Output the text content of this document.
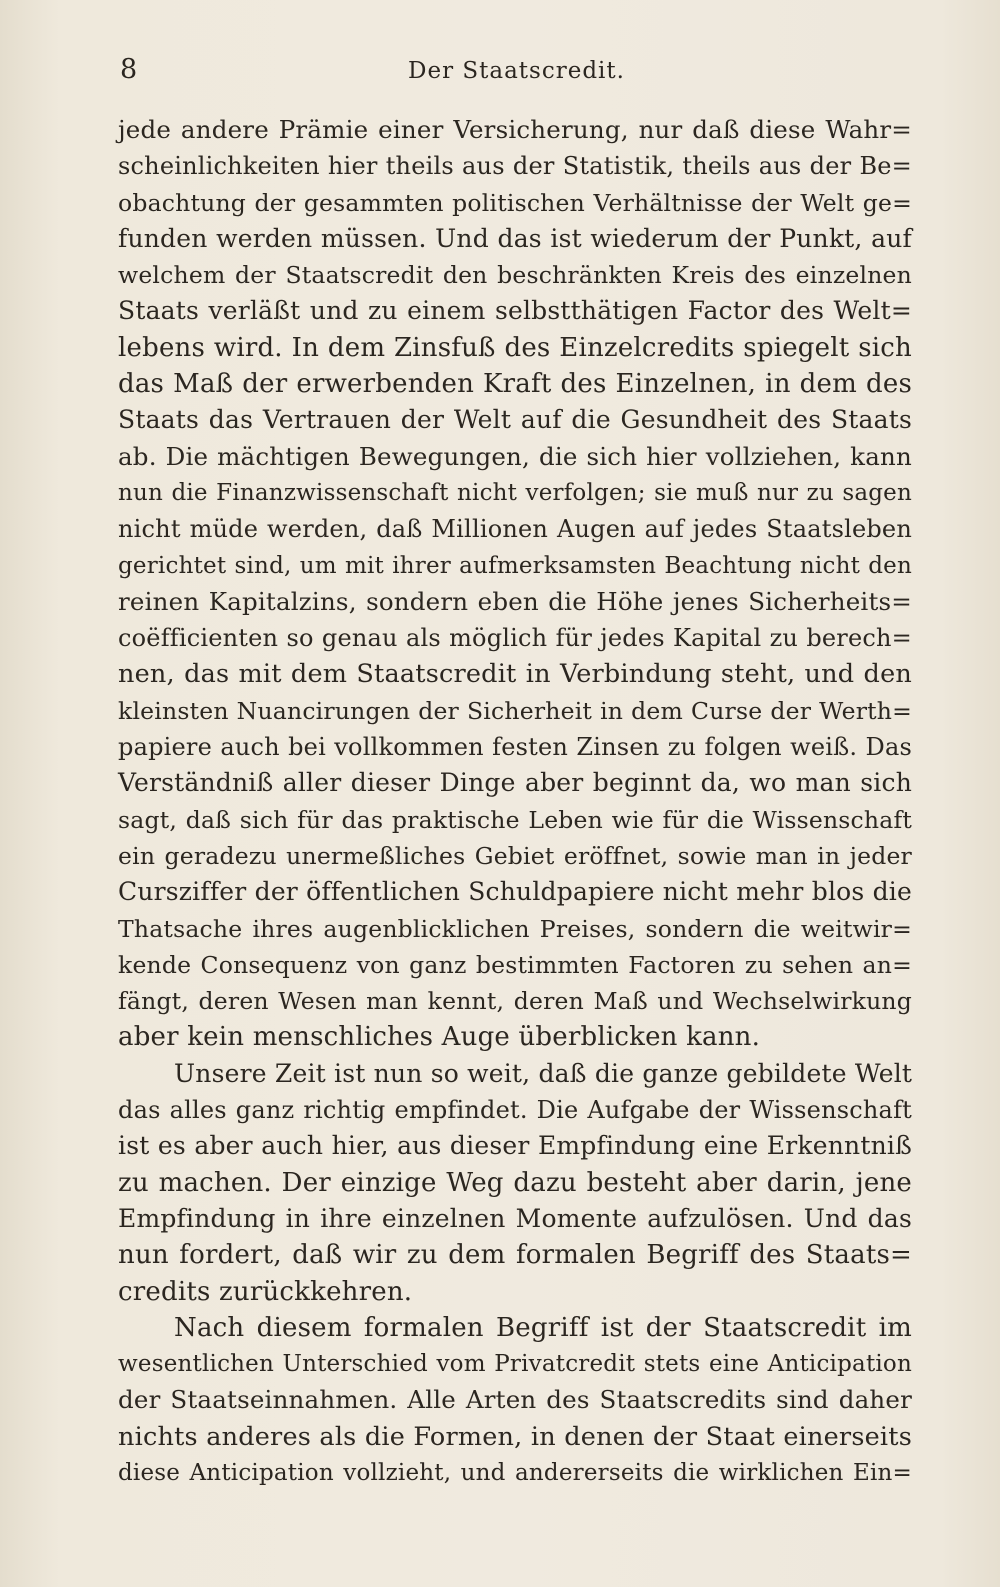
8	Der Staatscredit.
jede andere Prämie einer Versicherung, nur daß diese Wahr=
scheinlichkeiten hier theils aus der Statistik, theils aus der Be=
obachtung der gesammten politischen Verhältnisse der Welt ge=
funden werden müssen. Und das ist wiederum der Punkt, auf
welchem der Staatscredit den beschränkten Kreis des einzelnen
Staats verläßt und zu einem selbstthätigen Factor des Welt=
lebens wird. In dem Zinsfuß des Einzelcredits spiegelt sich
das Maß der erwerbenden Kraft des Einzelnen, in dem des
Staats das Vertrauen der Welt auf die Gesundheit des Staats
ab. Die mächtigen Bewegungen, die sich hier vollziehen, kann
nun die Finanzwissenschaft nicht verfolgen; sie muß nur zu sagen
nicht müde werden, daß Millionen Augen auf jedes Staatsleben
gerichtet sind, um mit ihrer aufmerksamsten Beachtung nicht den
reinen Kapitalzins, sondern eben die Höhe jenes Sicherheits=
coëfficienten so genau als möglich für jedes Kapital zu berech=
nen, das mit dem Staatscredit in Verbindung steht, und den
kleinsten Nuancirungen der Sicherheit in dem Curse der Werth=
papiere auch bei vollkommen festen Zinsen zu folgen weiß. Das
Verständniß aller dieser Dinge aber beginnt da, wo man sich
sagt, daß sich für das praktische Leben wie für die Wissenschaft
ein geradezu unermeßliches Gebiet eröffnet, sowie man in jeder
Cursziffer der öffentlichen Schuldpapiere nicht mehr blos die
Thatsache ihres augenblicklichen Preises, sondern die weitwir=
kende Consequenz von ganz bestimmten Factoren zu sehen an=
fängt, deren Wesen man kennt, deren Maß und Wechselwirkung
aber kein menschliches Auge überblicken kann.
Unsere Zeit ist nun so weit, daß die ganze gebildete Welt
das alles ganz richtig empfindet. Die Aufgabe der Wissenschaft
ist es aber auch hier, aus dieser Empfindung eine Erkenntniß
zu machen. Der einzige Weg dazu besteht aber darin, jene
Empfindung in ihre einzelnen Momente aufzulösen. Und das
nun fordert, daß wir zu dem formalen Begriff des Staats=
credits zurückkehren.
Nach diesem formalen Begriff ist der Staatscredit im
wesentlichen Unterschied vom Privatcredit stets eine Anticipation
der Staatseinnahmen. Alle Arten des Staatscredits sind daher
nichts anderes als die Formen, in denen der Staat einerseits
diese Anticipation vollzieht, und andererseits die wirklichen Ein=
